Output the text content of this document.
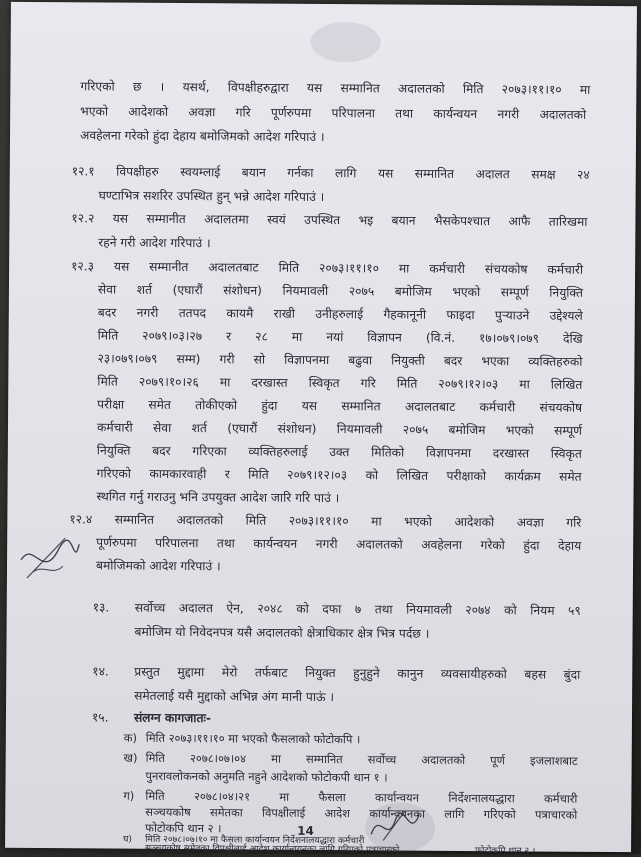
गरिएको छ । यसर्थ, विपक्षीहरुद्वारा यस सम्मानित अदालतको मिति २०७३।११।१० मा
भएको आदेशको अवज्ञा गरि पूर्णरुपमा परिपालना तथा कार्यन्वयन नगरी अदालतको
अवहेलना गरेको हुंदा देहाय बमोजिमको आदेश गरिपाउं ।
१२.१ विपक्षीहरु स्वयम्लाई बयान गर्नका लागि यस सम्मानित अदालत समक्ष २४
घण्टाभित्र सशरिर उपस्थित हुन् भन्ने आदेश गरिपाउं ।
१२.२ यस सम्मानीत अदालतमा स्वयं उपस्थित भइ बयान भैसकेपश्चात आफै तारिखमा
रहने गरी आदेश गरिपाउं ।
१२.३ यस सम्मानीत अदालतबाट मिति २०७३।११।१० मा कर्मचारी संचयकोष कर्मचारी
सेवा शर्त (एघारौं संशोधन) नियमावली २०७५ बमोजिम भएको सम्पूर्ण नियुक्ति
बदर नगरी ततपद कायमै राखी उनीहरुलाई गैहकानूनी फाइदा पुऱ्याउने उद्देश्यले
मिति २०७९।०३।२७ र २८ मा नयां विज्ञापन (वि.नं. १७।०७९।०७९ देखि
२३।०७९।०७९ सम्म) गरी सो विज्ञापनमा बढुवा नियुक्ती बदर भएका व्यक्तिहरुको
मिति २०७९।१०।२६ मा दरखास्त स्विकृत गरि मिति २०७९।१२।०३ मा लिखित
परीक्षा समेत तोकीएको हुंदा यस सम्मानित अदालतबाट कर्मचारी संचयकोष
कर्मचारी सेवा शर्त (एघारौं संशोधन) नियमावली २०७५ बमोजिम भएको सम्पूर्ण
नियुक्ति बदर गरिएका व्यक्तिहरुलाई उक्त मितिको विज्ञापनमा दरखास्त स्विकृत
गरिएको कामकारवाही र मिति २०७९।१२।०३ को लिखित परीक्षाको कार्यक्रम समेत
स्थगित गर्नु गराउनु भनि उपयुक्त आदेश जारि गरि पाउं ।
१२.४ सम्मानित अदालतको मिति २०७३।११।१० मा भएको आदेशको अवज्ञा गरि
पूर्णरुपमा परिपालना तथा कार्यन्वयन नगरी अदालतको अवहेलना गरेको हुंदा देहाय
बमोजिमको आदेश गरिपाउं ।
१३. सर्वोच्च अदालत ऐन, २०४८ को दफा ७ तथा नियमावली २०७४ को नियम ५९
बमोजिम यो निवेदनपत्र यसै अदालतको क्षेत्राधिकार क्षेत्र भित्र पर्दछ ।
१४. प्रस्तुत मुद्दामा मेरो तर्फबाट नियुक्त हुनुहुने कानुन व्यवसायीहरुको बहस बुंदा
समेतलाई यसै मुद्दाको अभिन्न अंग मानी पाऊं ।
१५. संलग्न कागजातः-
क) मिति २०७३।११।१० मा भएको फैसलाको फोटोकपि ।
ख) मिति २०७८।०७।०४ मा सम्मानित सर्वोच्च अदालतको पूर्ण इजलाशबाट
पुनरावलोकनको अनुमति नहुने आदेशको फोटोकपी थान १ ।
ग) मिति २०७८।०४।२१ मा फैसला कार्यान्वयन निर्देशनालयद्धारा कर्मचारी
सञ्चयकोष समेतका विपक्षीलाई आदेश कार्यान्वयनका लागि गरिएको पत्राचारको
फोटोकपि थान २ ।
घ) मिति २०७८।०७।१० मा फैसला कार्यान्वयन निर्देशनालयद्धारा कर्मचारी
सञ्चयकोष समेतका विपक्षीलाई आदेश कार्यान्वयनका लागि गरिएको पत्राचारको	फोटोकपि थान २ ।
14
